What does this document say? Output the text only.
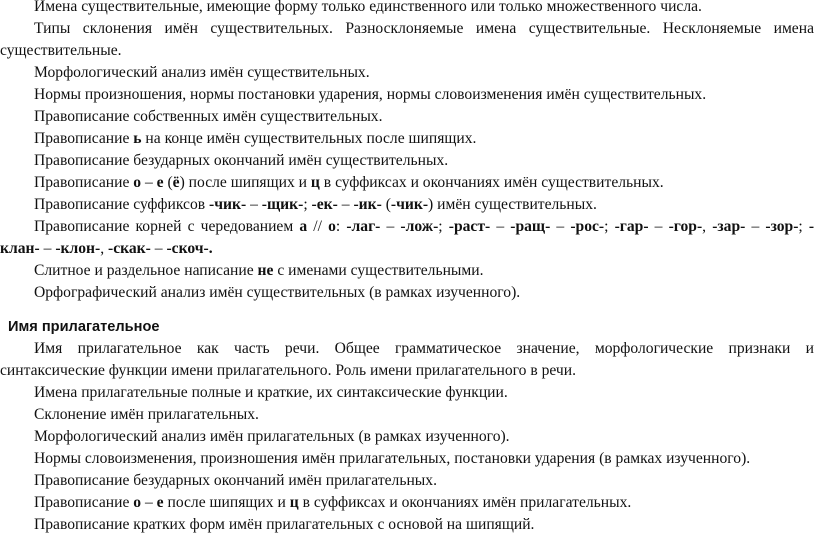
Имена существительные, имеющие форму только единственного или только множественного числа.
Типы склонения имён существительных. Разносклоняемые имена существительные. Несклоняемые имена
существительные.
Морфологический анализ имён существительных.
Нормы произношения, нормы постановки ударения, нормы словоизменения имён существительных.
Правописание собственных имён существительных.
Правописание ь на конце имён существительных после шипящих.
Правописание безударных окончаний имён существительных.
Правописание о – е (ё) после шипящих и ц в суффиксах и окончаниях имён существительных.
Правописание суффиксов -чик- – -щик-; -ек- – -ик- (-чик-) имён существительных.
Правописание корней с чередованием а // о: -лаг- – -лож-; -раст- – -ращ- – -рос-; -гар- – -гор-, -зар- – -зор-; -
клан- – -клон-, -скак- – -скоч-.
Слитное и раздельное написание не с именами существительными.
Орфографический анализ имён существительных (в рамках изученного).
Имя прилагательное
Имя прилагательное как часть речи. Общее грамматическое значение, морфологические признаки и
синтаксические функции имени прилагательного. Роль имени прилагательного в речи.
Имена прилагательные полные и краткие, их синтаксические функции.
Склонение имён прилагательных.
Морфологический анализ имён прилагательных (в рамках изученного).
Нормы словоизменения, произношения имён прилагательных, постановки ударения (в рамках изученного).
Правописание безударных окончаний имён прилагательных.
Правописание о – е после шипящих и ц в суффиксах и окончаниях имён прилагательных.
Правописание кратких форм имён прилагательных с основой на шипящий.
